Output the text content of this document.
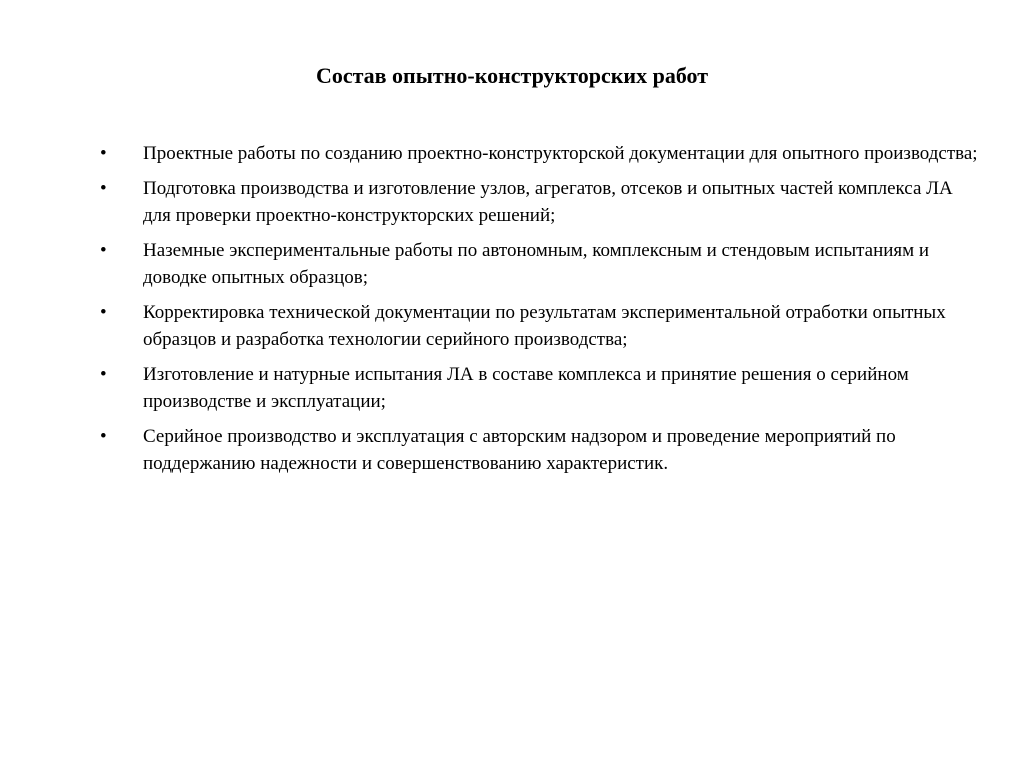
Состав опытно-конструкторских работ
•	Проектные работы по созданию проектно-конструкторской документации для опытного производства;
•	Подготовка производства и изготовление узлов, агрегатов, отсеков и опытных частей комплекса ЛА для проверки проектно-конструкторских решений;
•	Наземные экспериментальные работы по автономным, комплексным и стендовым испытаниям и доводке опытных образцов;
•	Корректировка технической документации по результатам экспериментальной отработки опытных образцов и разработка технологии серийного производства;
•	Изготовление и натурные испытания ЛА в составе комплекса и принятие решения о серийном производстве и эксплуатации;
•	Серийное производство и эксплуатация с авторским надзором и проведение мероприятий по поддержанию надежности и совершенствованию характеристик.
